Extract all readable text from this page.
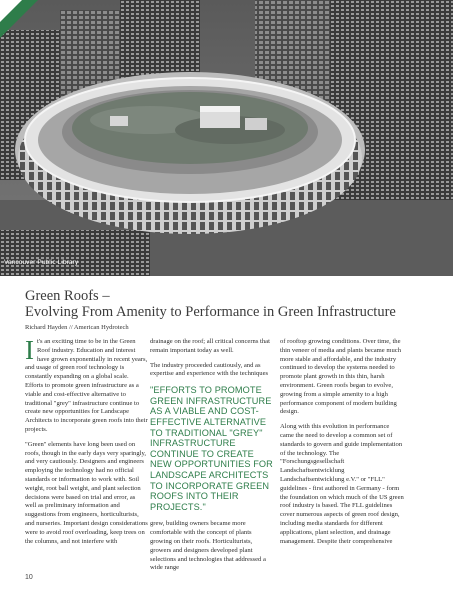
Vancouver Public Library
Green Roofs –
Evolving From Amenity to Performance in Green Infrastructure
Richard Hayden // American Hydrotech

It's an exciting time to be in the Green Roof industry. Education and interest have grown exponentially in recent years, and usage of green roof technology is constantly expanding on a global scale. Efforts to promote green infrastructure as a viable and cost-effective alternative to traditional "grey" infrastructure continue to create new opportunities for Landscape Architects to incorporate green roofs into their projects.

"Green" elements have long been used on roofs, though in the early days very sparingly, and very cautiously. Designers and engineers employing the technology had no official standards or information to work with. Soil weight, root ball weight, and plant selection decisions were based on trial and error, as well as preliminary information and suggestions from engineers, horticulturists, and nurseries. Important design considerations were to avoid roof overloading, keep trees on the columns, and not interfere with

drainage on the roof; all critical concerns that remain important today as well.

The industry proceeded cautiously, and as expertise and experience with the techniques

"EFFORTS TO PROMOTE GREEN INFRASTRUCTURE AS A VIABLE AND COST-EFFECTIVE ALTERNATIVE TO TRADITIONAL "GREY" INFRASTRUCTURE CONTINUE TO CREATE NEW OPPORTUNITIES FOR LANDSCAPE ARCHITECTS TO INCORPORATE GREEN ROOFS INTO THEIR PROJECTS."

grew, building owners became more comfortable with the concept of plants growing on their roofs. Horticulturists, growers and designers developed plant selections and technologies that addressed a wide range

of rooftop growing conditions. Over time, the thin veneer of media and plants became much more stable and affordable, and the industry continued to develop the systems needed to promote plant growth in this thin, harsh environment. Green roofs began to evolve, growing from a simple amenity to a high performance component of modern building design.

Along with this evolution in performance came the need to develop a common set of standards to govern and guide implementation of the technology. The "Forschungsgesellschaft Landschaftsentwicklung Landschaftsentwicklung e.V." or "FLL" guidelines - first authored in Germany - form the foundation on which much of the US green roof industry is based. The FLL guidelines cover numerous aspects of green roof design, including media standards for different applications, plant selection, and drainage management. Despite their comprehensive

10
